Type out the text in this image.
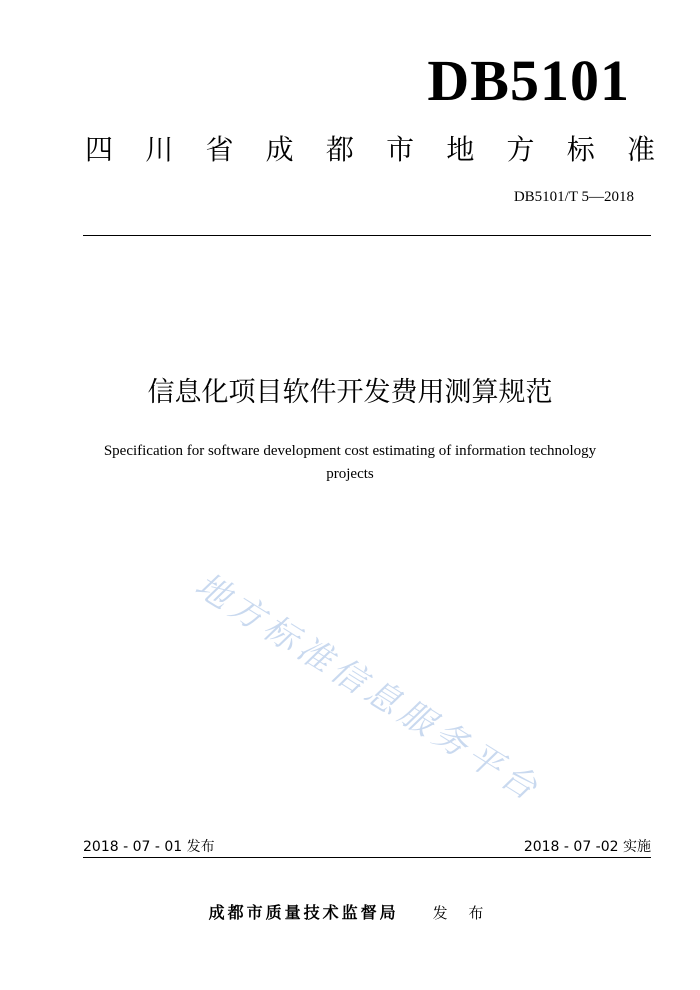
DB5101
四 川 省 成 都 市 地 方 标 准
DB5101/T 5—2018
信息化项目软件开发费用测算规范
Specification for software development cost estimating of information technology
projects
地方标准信息服务平台
2018 - 07 - 01 发布	2018 - 07 -02 实施
成都市质量技术监督局 发 布
